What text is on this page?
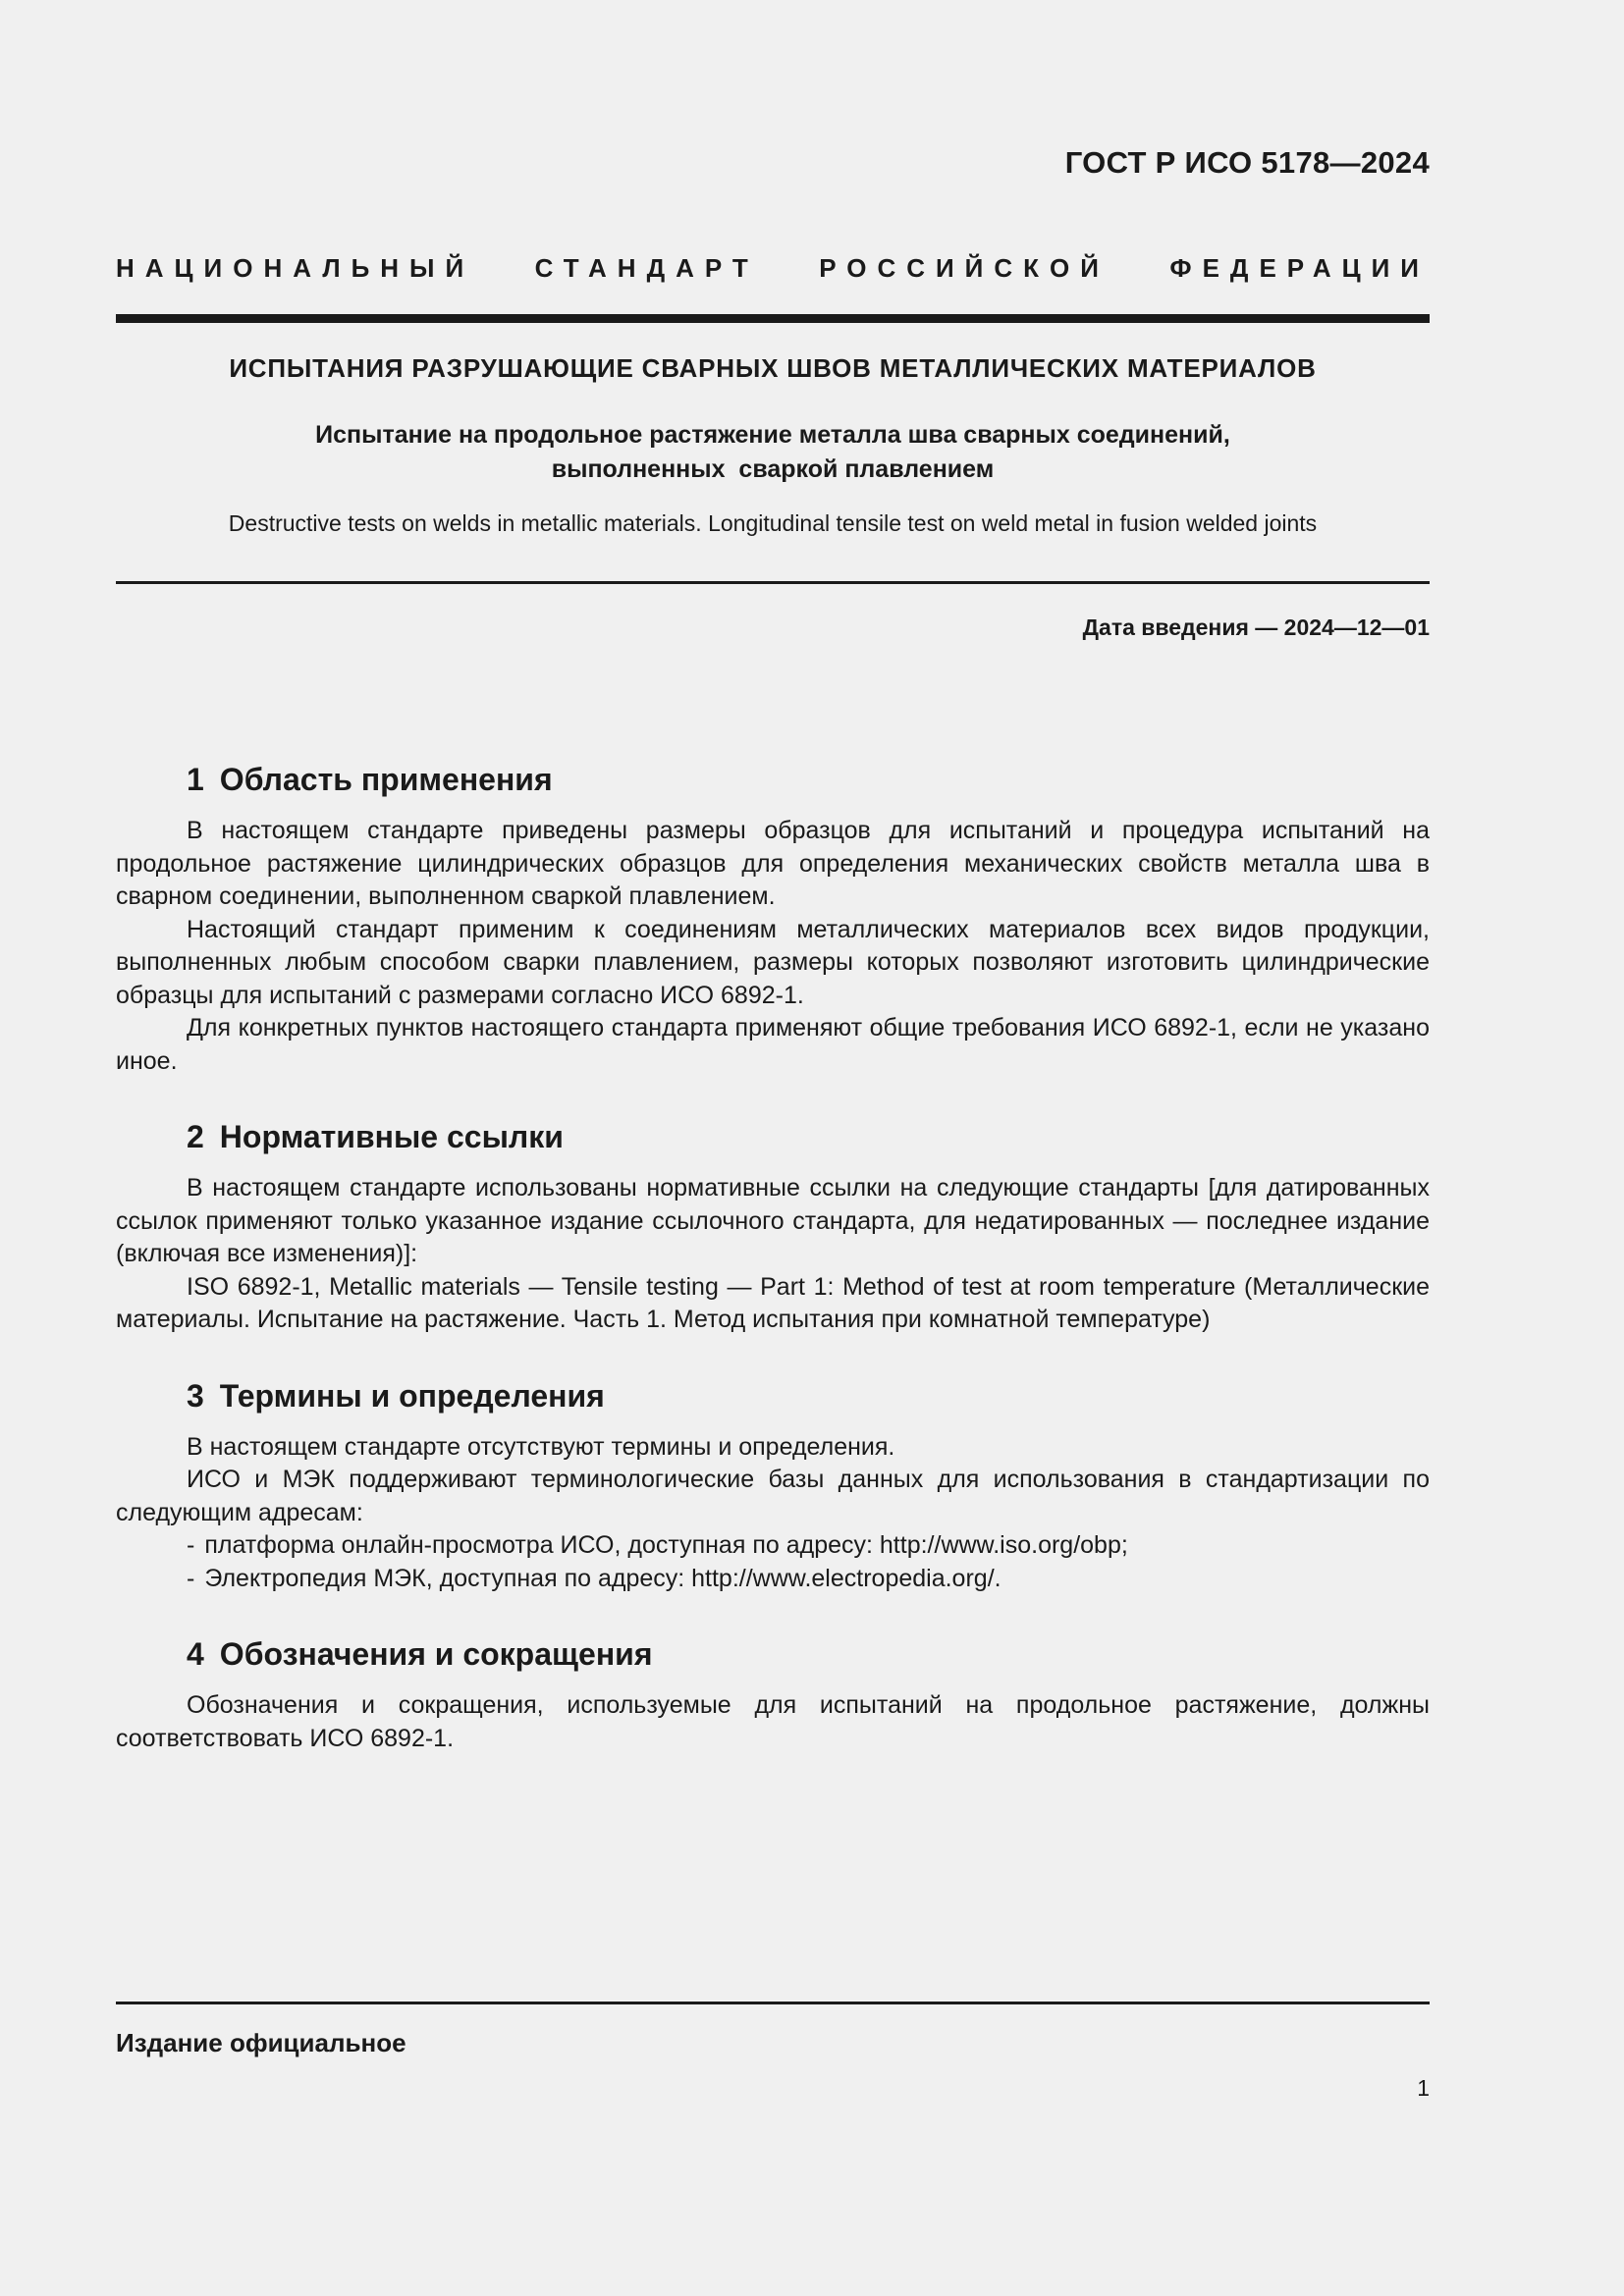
ГОСТ Р ИСО 5178—2024
НАЦИОНАЛЬНЫЙ СТАНДАРТ РОССИЙСКОЙ ФЕДЕРАЦИИ
ИСПЫТАНИЯ РАЗРУШАЮЩИЕ СВАРНЫХ ШВОВ МЕТАЛЛИЧЕСКИХ МАТЕРИАЛОВ
Испытание на продольное растяжение металла шва сварных соединений,
выполненных  сваркой плавлением
Destructive tests on welds in metallic materials. Longitudinal tensile test on weld metal in fusion welded joints
Дата введения — 2024—12—01
1 Область применения

В настоящем стандарте приведены размеры образцов для испытаний и процедура испытаний на продольное растяжение цилиндрических образцов для определения механических свойств металла шва в сварном соединении, выполненном сваркой плавлением.

Настоящий стандарт применим к соединениям металлических материалов всех видов продукции, выполненных любым способом сварки плавлением, размеры которых позволяют изготовить цилиндрические образцы для испытаний с размерами согласно ИСО 6892-1.

Для конкретных пунктов настоящего стандарта применяют общие требования ИСО 6892-1, если не указано иное.

2 Нормативные ссылки

В настоящем стандарте использованы нормативные ссылки на следующие стандарты [для датированных ссылок применяют только указанное издание ссылочного стандарта, для недатированных — последнее издание (включая все изменения)]:

ISO 6892-1, Metallic materials — Tensile testing — Part 1: Method of test at room temperature (Металлические материалы. Испытание на растяжение. Часть 1. Метод испытания при комнатной температуре)

3 Термины и определения

В настоящем стандарте отсутствуют термины и определения.

ИСО и МЭК поддерживают терминологические базы данных для использования в стандартизации по следующим адресам:

- платформа онлайн-просмотра ИСО, доступная по адресу: http://www.iso.org/obp;
- Электропедия МЭК, доступная по адресу: http://www.electropedia.org/.
4 Обозначения и сокращения

Обозначения и сокращения, используемые для испытаний на продольное растяжение, должны соответствовать ИСО 6892-1.

Издание официальное
1
